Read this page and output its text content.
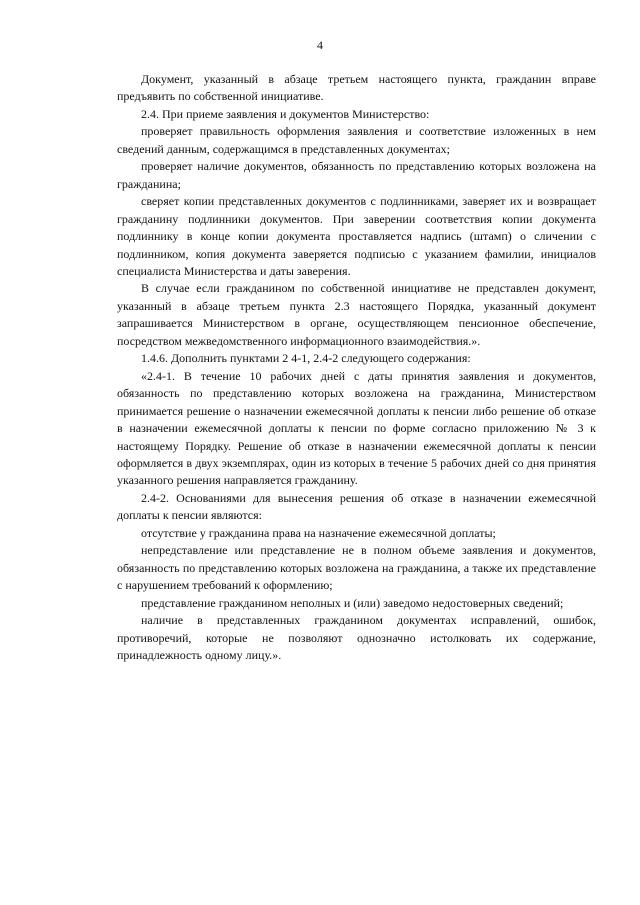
4

Документ, указанный в абзаце третьем настоящего пункта, гражданин вправе предъявить по собственной инициативе.

2.4. При приеме заявления и документов Министерство:

проверяет правильность оформления заявления и соответствие изложенных в нем сведений данным, содержащимся в представленных документах;

проверяет наличие документов, обязанность по представлению которых возложена на гражданина;

сверяет копии представленных документов с подлинниками, заверяет их и возвращает гражданину подлинники документов. При заверении соответствия копии документа подлиннику в конце копии документа проставляется надпись (штамп) о сличении с подлинником, копия документа заверяется подписью с указанием фамилии, инициалов специалиста Министерства и даты заверения.

В случае если гражданином по собственной инициативе не представлен документ, указанный в абзаце третьем пункта 2.3 настоящего Порядка, указанный документ запрашивается Министерством в органе, осуществляющем пенсионное обеспечение, посредством межведомственного информационного взаимодействия.».

1.4.6. Дополнить пунктами 2 4-1, 2.4-2 следующего содержания:

«2.4-1. В течение 10 рабочих дней с даты принятия заявления и документов, обязанность по представлению которых возложена на гражданина, Министерством принимается решение о назначении ежемесячной доплаты к пенсии либо решение об отказе в назначении ежемесячной доплаты к пенсии по форме согласно приложению № 3 к настоящему Порядку. Решение об отказе в назначении ежемесячной доплаты к пенсии оформляется в двух экземплярах, один из которых в течение 5 рабочих дней со дня принятия указанного решения направляется гражданину.

2.4-2. Основаниями для вынесения решения об отказе в назначении ежемесячной доплаты к пенсии являются:

отсутствие у гражданина права на назначение ежемесячной доплаты;

непредставление или представление не в полном объеме заявления и документов, обязанность по представлению которых возложена на гражданина, а также их представление с нарушением требований к оформлению;

представление гражданином неполных и (или) заведомо недостоверных сведений;

наличие в представленных гражданином документах исправлений, ошибок, противоречий, которые не позволяют однозначно истолковать их содержание, принадлежность одному лицу.».
